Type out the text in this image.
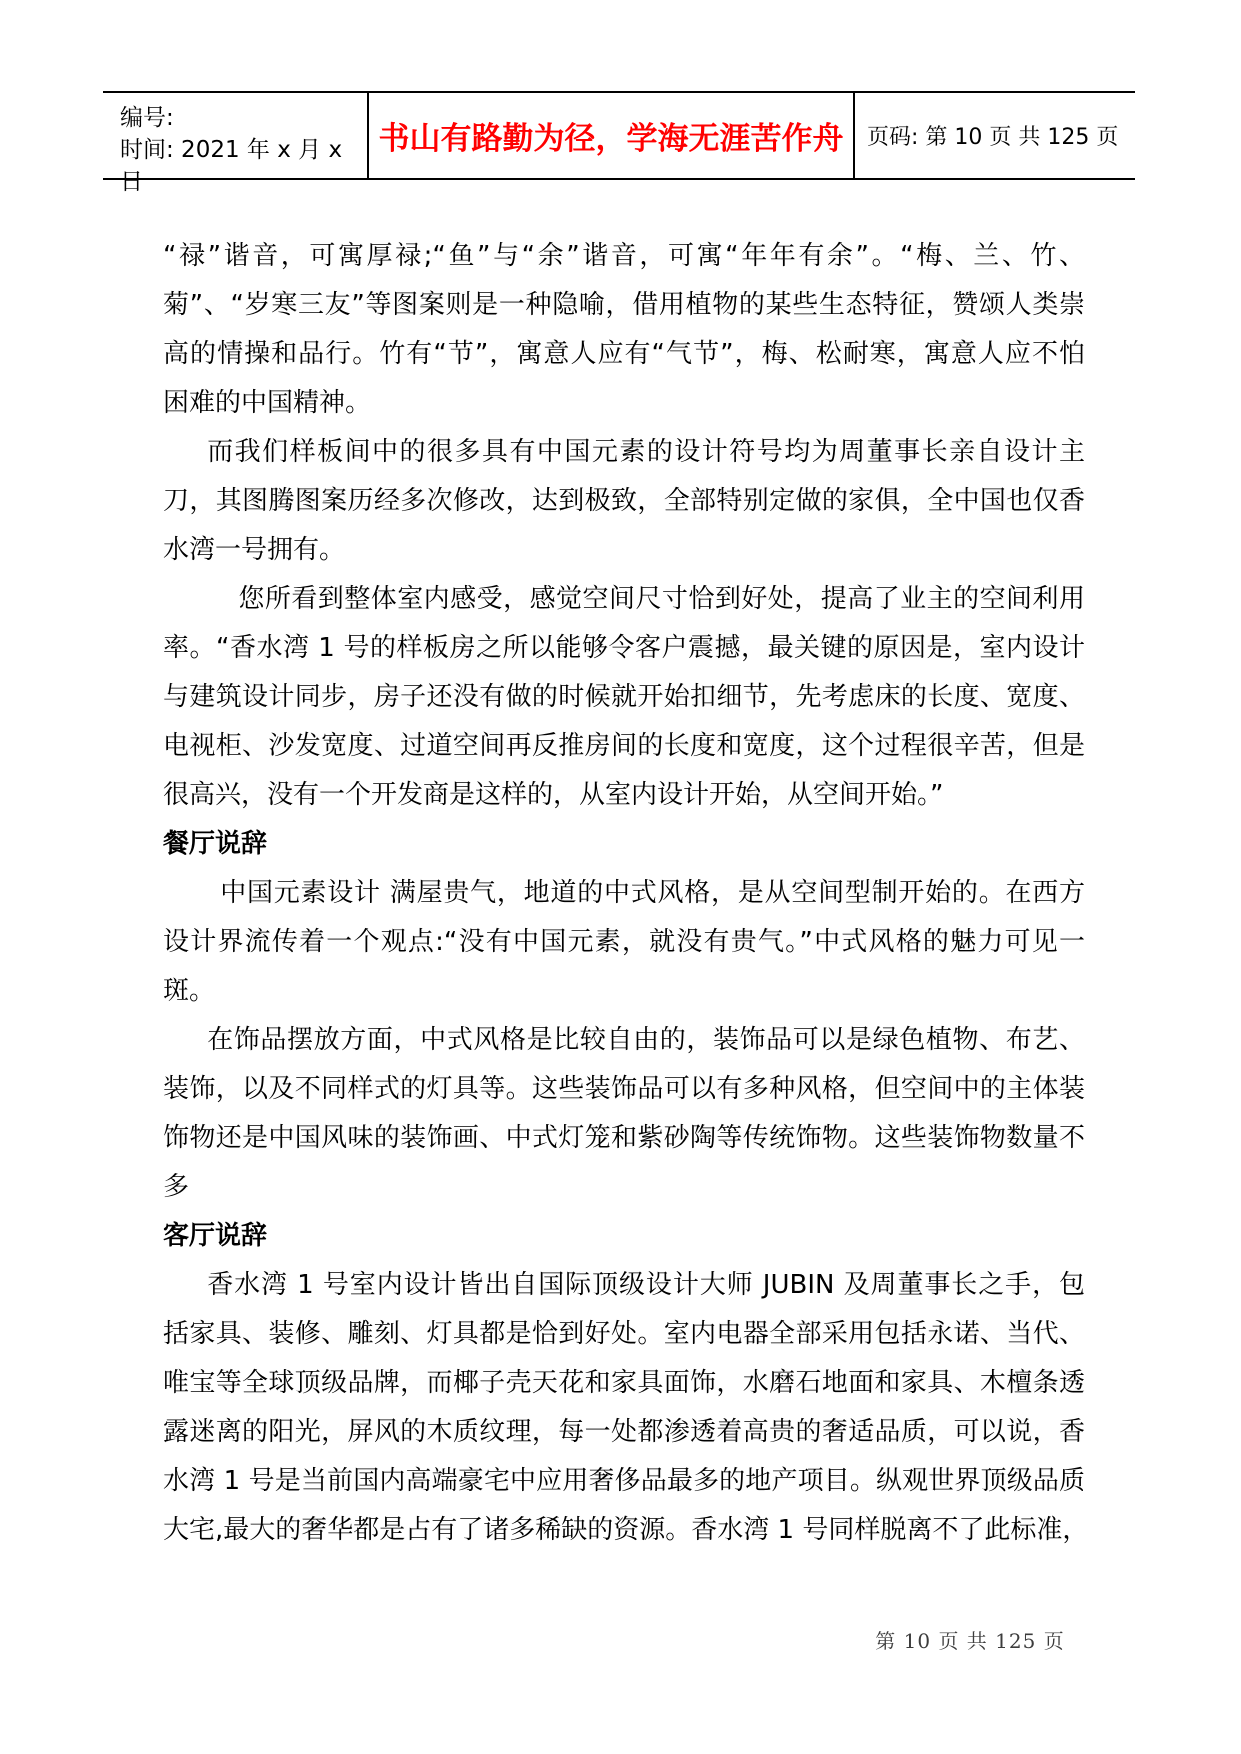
编号:
时间: 2021 年 x 月 x 日
书山有路勤为径，学海无涯苦作舟 页码: 第 10 页 共 125 页
“禄”谐音，可寓厚禄;“鱼”与“余”谐音，可寓“年年有余”。“梅、兰、竹、
菊”、“岁寒三友”等图案则是一种隐喻，借用植物的某些生态特征，赞颂人类崇
高的情操和品行。竹有“节”，寓意人应有“气节”，梅、松耐寒，寓意人应不怕
困难的中国精神。
而我们样板间中的很多具有中国元素的设计符号均为周董事长亲自设计主
刀，其图腾图案历经多次修改，达到极致，全部特别定做的家俱，全中国也仅香
水湾一号拥有。
您所看到整体室内感受，感觉空间尺寸恰到好处，提高了业主的空间利用
率。“香水湾 1 号的样板房之所以能够令客户震撼，最关键的原因是，室内设计
与建筑设计同步，房子还没有做的时候就开始扣细节，先考虑床的长度、宽度、
电视柜、沙发宽度、过道空间再反推房间的长度和宽度，这个过程很辛苦，但是
很高兴，没有一个开发商是这样的，从室内设计开始，从空间开始。”
餐厅说辞
中国元素设计 满屋贵气，地道的中式风格，是从空间型制开始的。在西方
设计界流传着一个观点:“没有中国元素，就没有贵气。”中式风格的魅力可见一
斑。
在饰品摆放方面，中式风格是比较自由的，装饰品可以是绿色植物、布艺、
装饰，以及不同样式的灯具等。这些装饰品可以有多种风格，但空间中的主体装
饰物还是中国风味的装饰画、中式灯笼和紫砂陶等传统饰物。这些装饰物数量不
多
客厅说辞
香水湾 1 号室内设计皆出自国际顶级设计大师 JUBIN 及周董事长之手，包
括家具、装修、雕刻、灯具都是恰到好处。室内电器全部采用包括永诺、当代、
唯宝等全球顶级品牌，而椰子壳天花和家具面饰，水磨石地面和家具、木檀条透
露迷离的阳光，屏风的木质纹理，每一处都渗透着高贵的奢适品质，可以说，香
水湾 1 号是当前国内高端豪宅中应用奢侈品最多的地产项目。纵观世界顶级品质
大宅,最大的奢华都是占有了诸多稀缺的资源。香水湾 1 号同样脱离不了此标准，
第 10 页 共 125 页
